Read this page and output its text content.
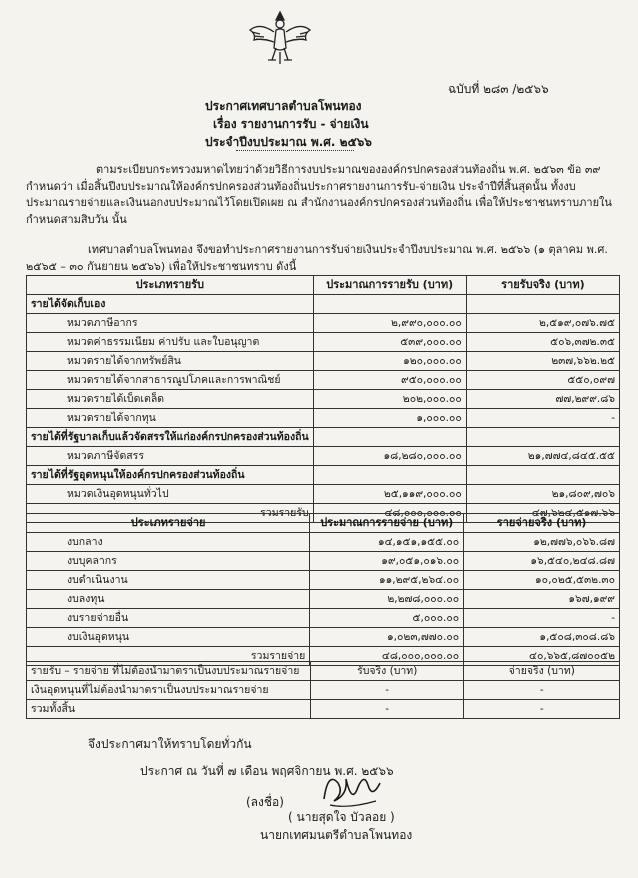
ฉบับที่ ๒๘๓ /๒๕๖๖
ประกาศเทศบาลตำบลโพนทอง
เรื่อง รายงานการรับ - จ่ายเงิน
ประจำปีงบประมาณ พ.ศ. ๒๕๖๖
ตามระเบียบกระทรวงมหาดไทยว่าด้วยวิธีการงบประมาณขององค์กรปกครองส่วนท้องถิ่น พ.ศ. ๒๕๖๓ ข้อ ๓๙ กำหนดว่า เมื่อสิ้นปีงบประมาณให้องค์กรปกครองส่วนท้องถิ่นประกาศรายงานการรับ-จ่ายเงิน ประจำปีที่สิ้นสุดนั้น ทั้งงบประมาณรายจ่ายและเงินนอกงบประมาณไว้โดยเปิดเผย ณ สำนักงานองค์กรปกครองส่วนท้องถิ่น เพื่อให้ประชาชนทราบภายในกำหนดสามสิบวัน นั้น
เทศบาลตำบลโพนทอง จึงขอทำประกาศรายงานการรับจ่ายเงินประจำปีงบประมาณ พ.ศ. ๒๕๖๖ (๑ ตุลาคม พ.ศ. ๒๕๖๕ – ๓๐ กันยายน ๒๕๖๖) เพื่อให้ประชาชนทราบ ดังนี้
ประเภทรายรับ	ประมาณการรายรับ (บาท)	รายรับจริง (บาท)
รายได้จัดเก็บเอง		
หมวดภาษีอากร	๒,๙๙๐,๐๐๐.๐๐	๒,๕๑๙,๐๗๖.๗๕
หมวดค่าธรรมเนียม ค่าปรับ และใบอนุญาต	๕๓๙,๐๐๐.๐๐	๕๐๖,๓๗๒.๓๕
หมวดรายได้จากทรัพย์สิน	๑๒๐,๐๐๐.๐๐	๒๓๗,๖๖๒.๒๕
หมวดรายได้จากสาธารณูปโภคและการพาณิชย์	๙๕๐,๐๐๐.๐๐	๕๕๐,๐๙๗
หมวดรายได้เบ็ดเตล็ด	๒๐๒,๐๐๐.๐๐	๗๗,๒๙๙.๘๖
หมวดรายได้จากทุน	๑,๐๐๐.๐๐	-
รายได้ที่รัฐบาลเก็บแล้วจัดสรรให้แก่องค์กรปกครองส่วนท้องถิ่น		
หมวดภาษีจัดสรร	๑๘,๒๘๐,๐๐๐.๐๐	๒๑,๗๗๔,๘๔๕.๕๕
รายได้ที่รัฐอุดหนุนให้องค์กรปกครองส่วนท้องถิ่น		
หมวดเงินอุดหนุนทั่วไป	๒๕,๑๑๙,๐๐๐.๐๐	๒๑,๘๐๙,๗๐๖
รวมรายรับ	๔๘,๐๐๐,๐๐๐.๐๐	๔๗,๖๒๔,๕๑๗.๖๖
ประเภทรายจ่าย	ประมาณการรายจ่าย (บาท)	รายจ่ายจริง (บาท)
งบกลาง	๑๔,๑๕๑,๑๕๕.๐๐	๑๒,๗๗๖,๐๖๖.๘๗
งบบุคลากร	๑๙,๐๕๑,๐๑๖.๐๐	๑๖,๕๔๐,๒๔๘.๘๗
งบดำเนินงาน	๑๑,๒๙๕,๒๖๔.๐๐	๑๐,๐๒๕,๕๓๒.๓๐
งบลงทุน	๒,๒๗๘,๐๐๐.๐๐	๑๖๗,๑๙๙
งบรายจ่ายอื่น	๕,๐๐๐.๐๐	-
งบเงินอุดหนุน	๑,๐๒๓,๗๗๐.๐๐	๑,๕๐๘,๓๐๘.๘๖
รวมรายจ่าย	๔๘,๐๐๐,๐๐๐.๐๐	๔๐,๖๖๕,๘๗๐๐๕๒
รายรับ – รายจ่าย ที่ไม่ต้องนำมาตราเป็นงบประมาณรายจ่าย	รับจริง (บาท)	จ่ายจริง (บาท)
เงินอุดหนุนที่ไม่ต้องนำมาตราเป็นงบประมาณรายจ่าย	-	-
รวมทั้งสิ้น	-	-
จึงประกาศมาให้ทราบโดยทั่วกัน
ประกาศ ณ วันที่ ๗ เดือน พฤศจิกายน พ.ศ. ๒๕๖๖
(ลงชื่อ)
( นายสุดใจ บัวลอย )
นายกเทศมนตรีตำบลโพนทอง
